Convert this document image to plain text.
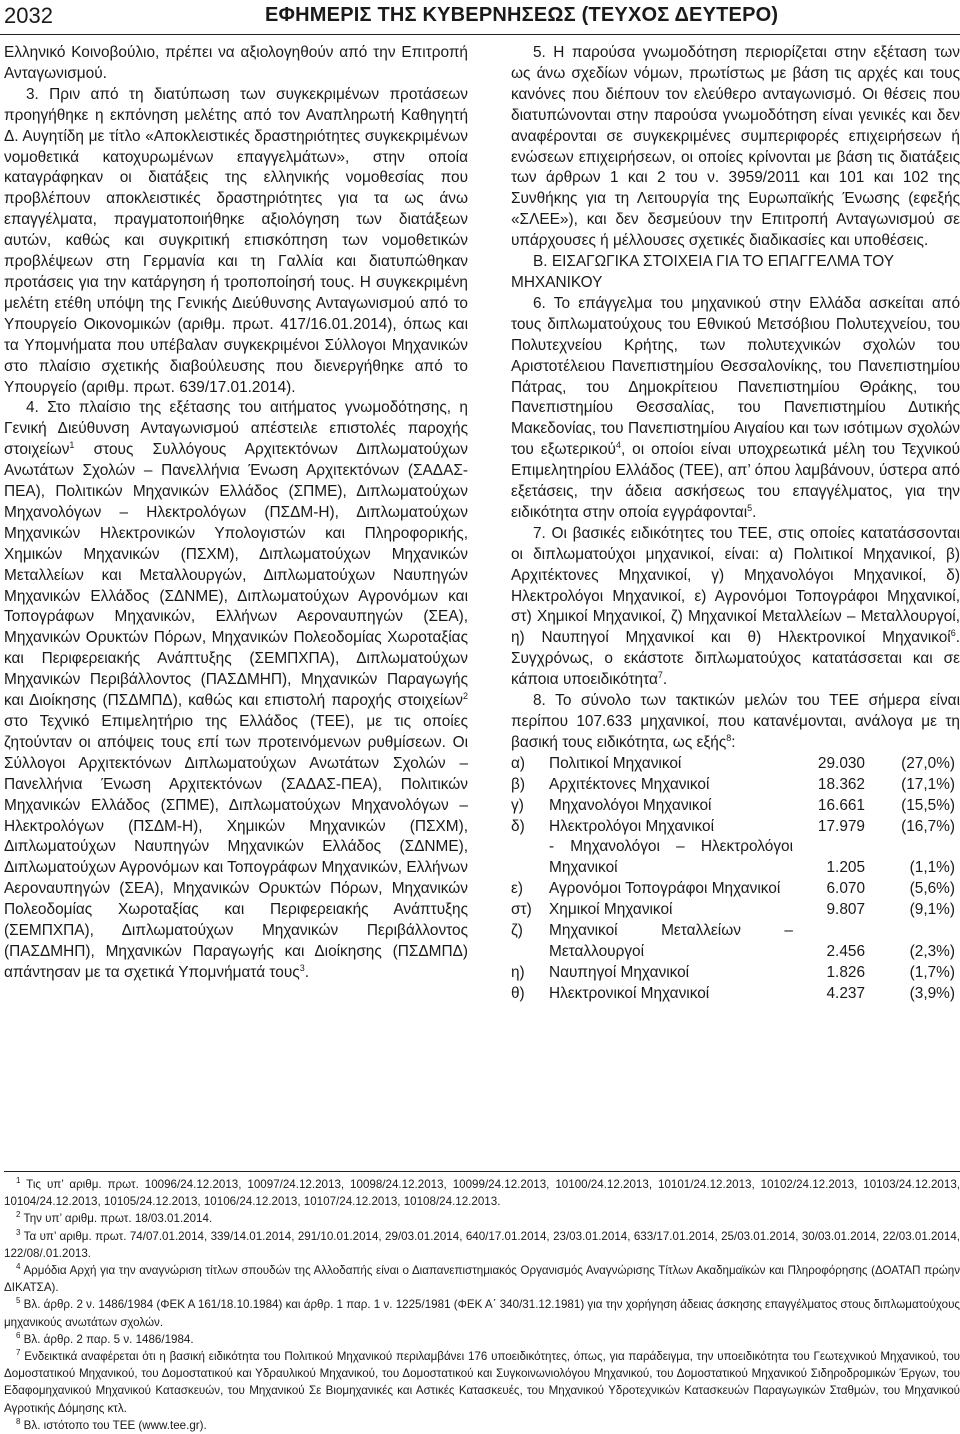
2032	ΕΦΗΜΕΡΙΣ ΤΗΣ ΚΥΒΕΡΝΗΣΕΩΣ (ΤΕΥΧΟΣ ΔΕΥΤΕΡΟ)

Ελληνικό Κοινοβούλιο, πρέπει να αξιολογηθούν από την Επιτροπή Ανταγωνισμού.

3. Πριν από τη διατύπωση των συγκεκριμένων προτάσεων προηγήθηκε η εκπόνηση μελέτης από τον Αναπληρωτή Καθηγητή Δ. Αυγητίδη με τίτλο «Αποκλειστικές δραστηριότητες συγκεκριμένων νομοθετικά κατοχυρωμένων επαγγελμάτων», στην οποία καταγράφηκαν οι διατάξεις της ελληνικής νομοθεσίας που προβλέπουν αποκλειστικές δραστηριότητες για τα ως άνω επαγγέλματα, πραγματοποιήθηκε αξιολόγηση των διατάξεων αυτών, καθώς και συγκριτική επισκόπηση των νομοθετικών προβλέψεων στη Γερμανία και τη Γαλλία και διατυπώθηκαν προτάσεις για την κατάργηση ή τροποποίησή τους. Η συγκεκριμένη μελέτη ετέθη υπόψη της Γενικής Διεύθυνσης Ανταγωνισμού από το Υπουργείο Οικονομικών (αριθμ. πρωτ. 417/16.01.2014), όπως και τα Υπομνήματα που υπέβαλαν συγκεκριμένοι Σύλλογοι Μηχανικών στο πλαίσιο σχετικής διαβούλευσης που διενεργήθηκε από το Υπουργείο (αριθμ. πρωτ. 639/17.01.2014).

4. Στο πλαίσιο της εξέτασης του αιτήματος γνωμοδότησης, η Γενική Διεύθυνση Ανταγωνισμού απέστειλε επιστολές παροχής στοιχείων$^1$ στους Συλλόγους Αρχιτεκτόνων Διπλωματούχων Ανωτάτων Σχολών – Πανελλήνια Ένωση Αρχιτεκτόνων (ΣΑΔΑΣ-ΠΕΑ), Πολιτικών Μηχανικών Ελλάδος (ΣΠΜΕ), Διπλωματούχων Μηχανολόγων – Ηλεκτρολόγων (ΠΣΔΜ-Η), Διπλωματούχων Μηχανικών Ηλεκτρονικών Υπολογιστών και Πληροφορικής, Χημικών Μηχανικών (ΠΣΧΜ), Διπλωματούχων Μηχανικών Μεταλλείων και Μεταλλουργών, Διπλωματούχων Ναυπηγών Μηχανικών Ελλάδος (ΣΔΝΜΕ), Διπλωματούχων Αγρονόμων και Τοπογράφων Μηχανικών, Ελλήνων Αεροναυπηγών (ΣΕΑ), Μηχανικών Ορυκτών Πόρων, Μηχανικών Πολεοδομίας Χωροταξίας και Περιφερειακής Ανάπτυξης (ΣΕΜΠΧΠΑ), Διπλωματούχων Μηχανικών Περιβάλλοντος (ΠΑΣΔΜΗΠ), Μηχανικών Παραγωγής και Διοίκησης (ΠΣΔΜΠΔ), καθώς και επιστολή παροχής στοιχείων$^2$ στο Τεχνικό Επιμελητήριο της Ελλάδος (ΤΕΕ), με τις οποίες ζητούνταν οι απόψεις τους επί των προτεινόμενων ρυθμίσεων. Οι Σύλλογοι Αρχιτεκτόνων Διπλωματούχων Ανωτάτων Σχολών – Πανελλήνια Ένωση Αρχιτεκτόνων (ΣΑΔΑΣ-ΠΕΑ), Πολιτικών Μηχανικών Ελλάδος (ΣΠΜΕ), Διπλωματούχων Μηχανολόγων – Ηλεκτρολόγων (ΠΣΔΜ-Η), Χημικών Μηχανικών (ΠΣΧΜ), Διπλωματούχων Ναυπηγών Μηχανικών Ελλάδος (ΣΔΝΜΕ), Διπλωματούχων Αγρονόμων και Τοπογράφων Μηχανικών, Ελλήνων Αεροναυπηγών (ΣΕΑ), Μηχανικών Ορυκτών Πόρων, Μηχανικών Πολεοδομίας Χωροταξίας και Περιφερειακής Ανάπτυξης (ΣΕΜΠΧΠΑ), Διπλωματούχων Μηχανικών Περιβάλλοντος (ΠΑΣΔΜΗΠ), Μηχανικών Παραγωγής και Διοίκησης (ΠΣΔΜΠΔ) απάντησαν με τα σχετικά Υπομνήματά τους$^3$.

5. Η παρούσα γνωμοδότηση περιορίζεται στην εξέταση των ως άνω σχεδίων νόμων, πρωτίστως με βάση τις αρχές και τους κανόνες που διέπουν τον ελεύθερο ανταγωνισμό. Οι θέσεις που διατυπώνονται στην παρούσα γνωμοδότηση είναι γενικές και δεν αναφέρονται σε συγκεκριμένες συμπεριφορές επιχειρήσεων ή ενώσεων επιχειρήσεων, οι οποίες κρίνονται με βάση τις διατάξεις των άρθρων 1 και 2 του ν. 3959/2011 και 101 και 102 της Συνθήκης για τη Λειτουργία της Ευρωπαϊκής Ένωσης (εφεξής «ΣΛΕΕ»), και δεν δεσμεύουν την Επιτροπή Ανταγωνισμού σε υπάρχουσες ή μέλλουσες σχετικές διαδικασίες και υποθέσεις.

Β. ΕΙΣΑΓΩΓΙΚΑ ΣΤΟΙΧΕΙΑ ΓΙΑ ΤΟ ΕΠΑΓΓΕΛΜΑ ΤΟΥ ΜΗΧΑΝΙΚΟΥ

6. Το επάγγελμα του μηχανικού στην Ελλάδα ασκείται από τους διπλωματούχους του Εθνικού Μετσόβιου Πολυτεχνείου, του Πολυτεχνείου Κρήτης, των πολυτεχνικών σχολών του Αριστοτέλειου Πανεπιστημίου Θεσσαλονίκης, του Πανεπιστημίου Πάτρας, του Δημοκρίτειου Πανεπιστημίου Θράκης, του Πανεπιστημίου Θεσσαλίας, του Πανεπιστημίου Δυτικής Μακεδονίας, του Πανεπιστημίου Αιγαίου και των ισότιμων σχολών του εξωτερικού$^4$, οι οποίοι είναι υποχρεωτικά μέλη του Τεχνικού Επιμελητηρίου Ελλάδος (ΤΕΕ), απ’ όπου λαμβάνουν, ύστερα από εξετάσεις, την άδεια ασκήσεως του επαγγέλματος, για την ειδικότητα στην οποία εγγράφονται$^5$.

7. Οι βασικές ειδικότητες του ΤΕΕ, στις οποίες κατατάσσονται οι διπλωματούχοι μηχανικοί, είναι: α) Πολιτικοί Μηχανικοί, β) Αρχιτέκτονες Μηχανικοί, γ) Μηχανολόγοι Μηχανικοί, δ) Ηλεκτρολόγοι Μηχανικοί, ε) Αγρονόμοι Τοπογράφοι Μηχανικοί, στ) Χημικοί Μηχανικοί, ζ) Μηχανικοί Μεταλλείων – Μεταλλουργοί, η) Ναυπηγοί Μηχανικοί και θ) Ηλεκτρονικοί Μηχανικοί$^6$. Συγχρόνως, ο εκάστοτε διπλωματούχος κατατάσσεται και σε κάποια υποειδικότητα$^7$.

8. Το σύνολο των τακτικών μελών του ΤΕΕ σήμερα είναι περίπου 107.633 μηχανικοί, που κατανέμονται, ανάλογα με τη βασική τους ειδικότητα, ως εξής$^8$:

α)	Πολιτικοί Μηχανικοί	29.030	(27,0%)
β)	Αρχιτέκτονες Μηχανικοί	18.362	(17,1%)
γ)	Μηχανολόγοι Μηχανικοί	16.661	(15,5%)
δ)	Ηλεκτρολόγοι Μηχανικοί	17.979	(16,7%)
	- Μηχανολόγοι – Ηλεκτρολόγοι Μηχανικοί	1.205	(1,1%)
ε)	Αγρονόμοι Τοπογράφοι Μηχανικοί	6.070	(5,6%)
στ)	Χημικοί Μηχανικοί	9.807	(9,1%)
ζ)	Μηχανικοί Μεταλλείων – Μεταλλουργοί	2.456	(2,3%)
η)	Ναυπηγοί Μηχανικοί	1.826	(1,7%)
θ)	Ηλεκτρονικοί Μηχανικοί	4.237	(3,9%)

$^1$ Τις υπ’ αριθμ. πρωτ. 10096/24.12.2013, 10097/24.12.2013, 10098/24.12.2013, 10099/24.12.2013, 10100/24.12.2013, 10101/24.12.2013, 10102/24.12.2013, 10103/24.12.2013, 10104/24.12.2013, 10105/24.12.2013, 10106/24.12.2013, 10107/24.12.2013, 10108/24.12.2013.

$^2$ Την υπ’ αριθμ. πρωτ. 18/03.01.2014.

$^3$ Τα υπ’ αριθμ. πρωτ. 74/07.01.2014, 339/14.01.2014, 291/10.01.2014, 29/03.01.2014, 640/17.01.2014, 23/03.01.2014, 633/17.01.2014, 25/03.01.2014, 30/03.01.2014, 22/03.01.2014, 122/08/.01.2013.

$^4$ Αρμόδια Αρχή για την αναγνώριση τίτλων σπουδών της Αλλοδαπής είναι ο Διαπανεπιστημιακός Οργανισμός Αναγνώρισης Τίτλων Ακαδημαϊκών και Πληροφόρησης (ΔΟΑΤΑΠ πρώην ΔΙΚΑΤΣΑ).

$^5$ Βλ. άρθρ. 2 ν. 1486/1984 (ΦΕΚ Α 161/18.10.1984) και άρθρ. 1 παρ. 1 ν. 1225/1981 (ΦΕΚ Α΄ 340/31.12.1981) για την χορήγηση άδειας άσκησης επαγγέλματος στους διπλωματούχους μηχανικούς ανωτάτων σχολών.

$^6$ Βλ. άρθρ. 2 παρ. 5 ν. 1486/1984.

$^7$ Ενδεικτικά αναφέρεται ότι η βασική ειδικότητα του Πολιτικού Μηχανικού περιλαμβάνει 176 υποειδικότητες, όπως, για παράδειγμα, την υποειδικότητα του Γεωτεχνικού Μηχανικού, του Δομοστατικού Μηχανικού, του Δομοστατικού και Υδραυλικού Μηχανικού, του Δομοστατικού και Συγκοινωνιολόγου Μηχανικού, του Δομοστατικού Μηχανικού Σιδηροδρομικών Έργων, του Εδαφομηχανικού Μηχανικού Κατασκευών, του Μηχανικού Σε Βιομηχανικές και Αστικές Κατασκευές, του Μηχανικού Υδροτεχνικών Κατασκευών Παραγωγικών Σταθμών, του Μηχανικού Αγροτικής Δόμησης κτλ.

$^8$ Βλ. ιστότοπο του ΤΕΕ (www.tee.gr).
